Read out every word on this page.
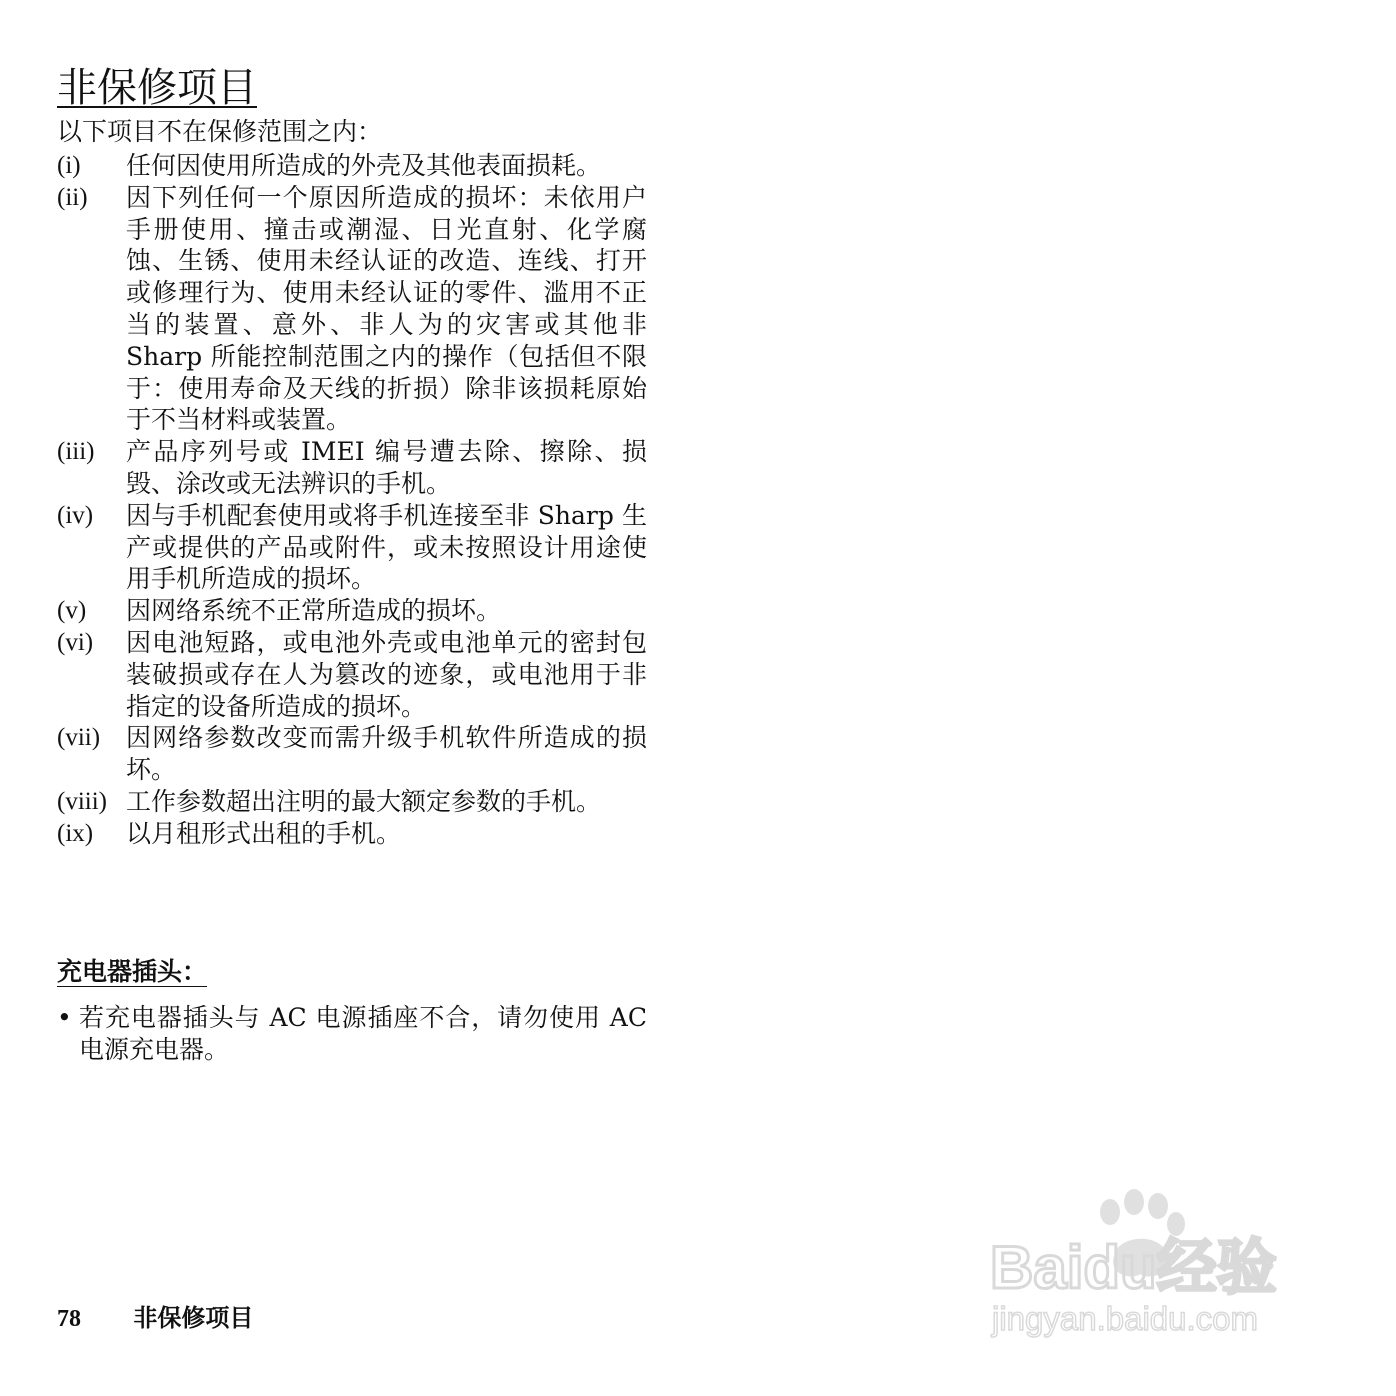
非保修项目
以下项目不在保修范围之内：
(i) 任何因使用所造成的外壳及其他表面损耗。
(ii) 因下列任何一个原因所造成的损坏：未依用户手册使用、撞击或潮湿、日光直射、化学腐蚀、生锈、使用未经认证的改造、连线、打开或修理行为、使用未经认证的零件、滥用不正当的装置、意外、非人为的灾害或其他非 Sharp 所能控制范围之内的操作（包括但不限于：使用寿命及天线的折损）除非该损耗原始于不当材料或装置。
(iii) 产品序列号或 IMEI 编号遭去除、擦除、损毁、涂改或无法辨识的手机。
(iv) 因与手机配套使用或将手机连接至非 Sharp 生产或提供的产品或附件，或未按照设计用途使用手机所造成的损坏。
(v) 因网络系统不正常所造成的损坏。
(vi) 因电池短路，或电池外壳或电池单元的密封包装破损或存在人为篡改的迹象，或电池用于非指定的设备所造成的损坏。
(vii) 因网络参数改变而需升级手机软件所造成的损坏。
(viii) 工作参数超出注明的最大额定参数的手机。
(ix) 以月租形式出租的手机。
充电器插头：
• 若充电器插头与 AC 电源插座不合，请勿使用 AC 电源充电器。
78 非保修项目
Baidu经验
jingyan.baidu.com
